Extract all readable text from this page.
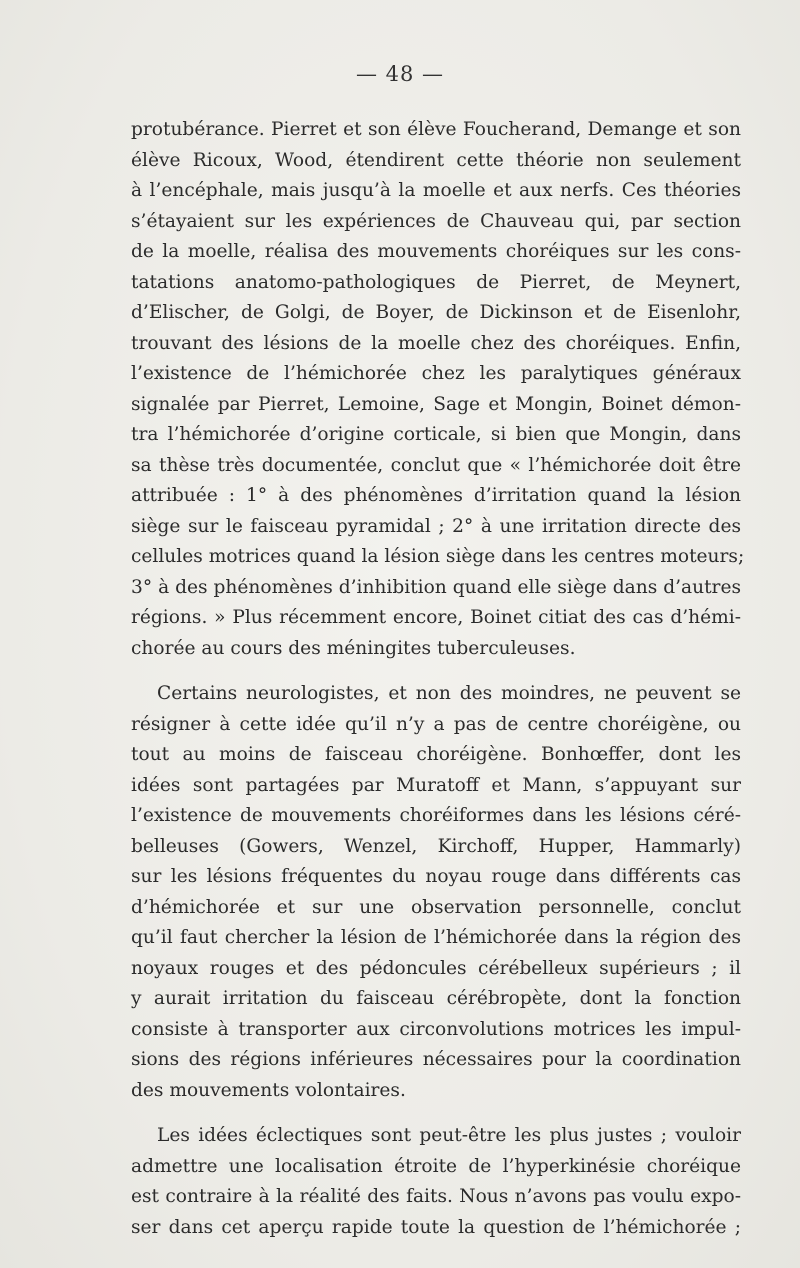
— 48 —
protubérance. Pierret et son élève Foucherand, Demange et son
élève Ricoux, Wood, étendirent cette théorie non seulement
à l’encéphale, mais jusqu’à la moelle et aux nerfs. Ces théories
s’étayaient sur les expériences de Chauveau qui, par section
de la moelle, réalisa des mouvements choréiques sur les cons-
tatations anatomo-pathologiques de Pierret, de Meynert,
d’Elischer, de Golgi, de Boyer, de Dickinson et de Eisenlohr,
trouvant des lésions de la moelle chez des choréiques. Enfin,
l’existence de l’hémichorée chez les paralytiques généraux
signalée par Pierret, Lemoine, Sage et Mongin, Boinet démon-
tra l’hémichorée d’origine corticale, si bien que Mongin, dans
sa thèse très documentée, conclut que « l’hémichorée doit être
attribuée : 1° à des phénomènes d’irritation quand la lésion
siège sur le faisceau pyramidal ; 2° à une irritation directe des
cellules motrices quand la lésion siège dans les centres moteurs;
3° à des phénomènes d’inhibition quand elle siège dans d’autres
régions. » Plus récemment encore, Boinet citiat des cas d’hémi-
chorée au cours des méningites tuberculeuses.
Certains neurologistes, et non des moindres, ne peuvent se
résigner à cette idée qu’il n’y a pas de centre choréigène, ou
tout au moins de faisceau choréigène. Bonhœffer, dont les
idées sont partagées par Muratoff et Mann, s’appuyant sur
l’existence de mouvements choréiformes dans les lésions céré-
belleuses (Gowers, Wenzel, Kirchoff, Hupper, Hammarly)
sur les lésions fréquentes du noyau rouge dans différents cas
d’hémichorée et sur une observation personnelle, conclut
qu’il faut chercher la lésion de l’hémichorée dans la région des
noyaux rouges et des pédoncules cérébelleux supérieurs ; il
y aurait irritation du faisceau cérébropète, dont la fonction
consiste à transporter aux circonvolutions motrices les impul-
sions des régions inférieures nécessaires pour la coordination
des mouvements volontaires.
Les idées éclectiques sont peut-être les plus justes ; vouloir
admettre une localisation étroite de l’hyperkinésie choréique
est contraire à la réalité des faits. Nous n’avons pas voulu expo-
ser dans cet aperçu rapide toute la question de l’hémichorée ;
